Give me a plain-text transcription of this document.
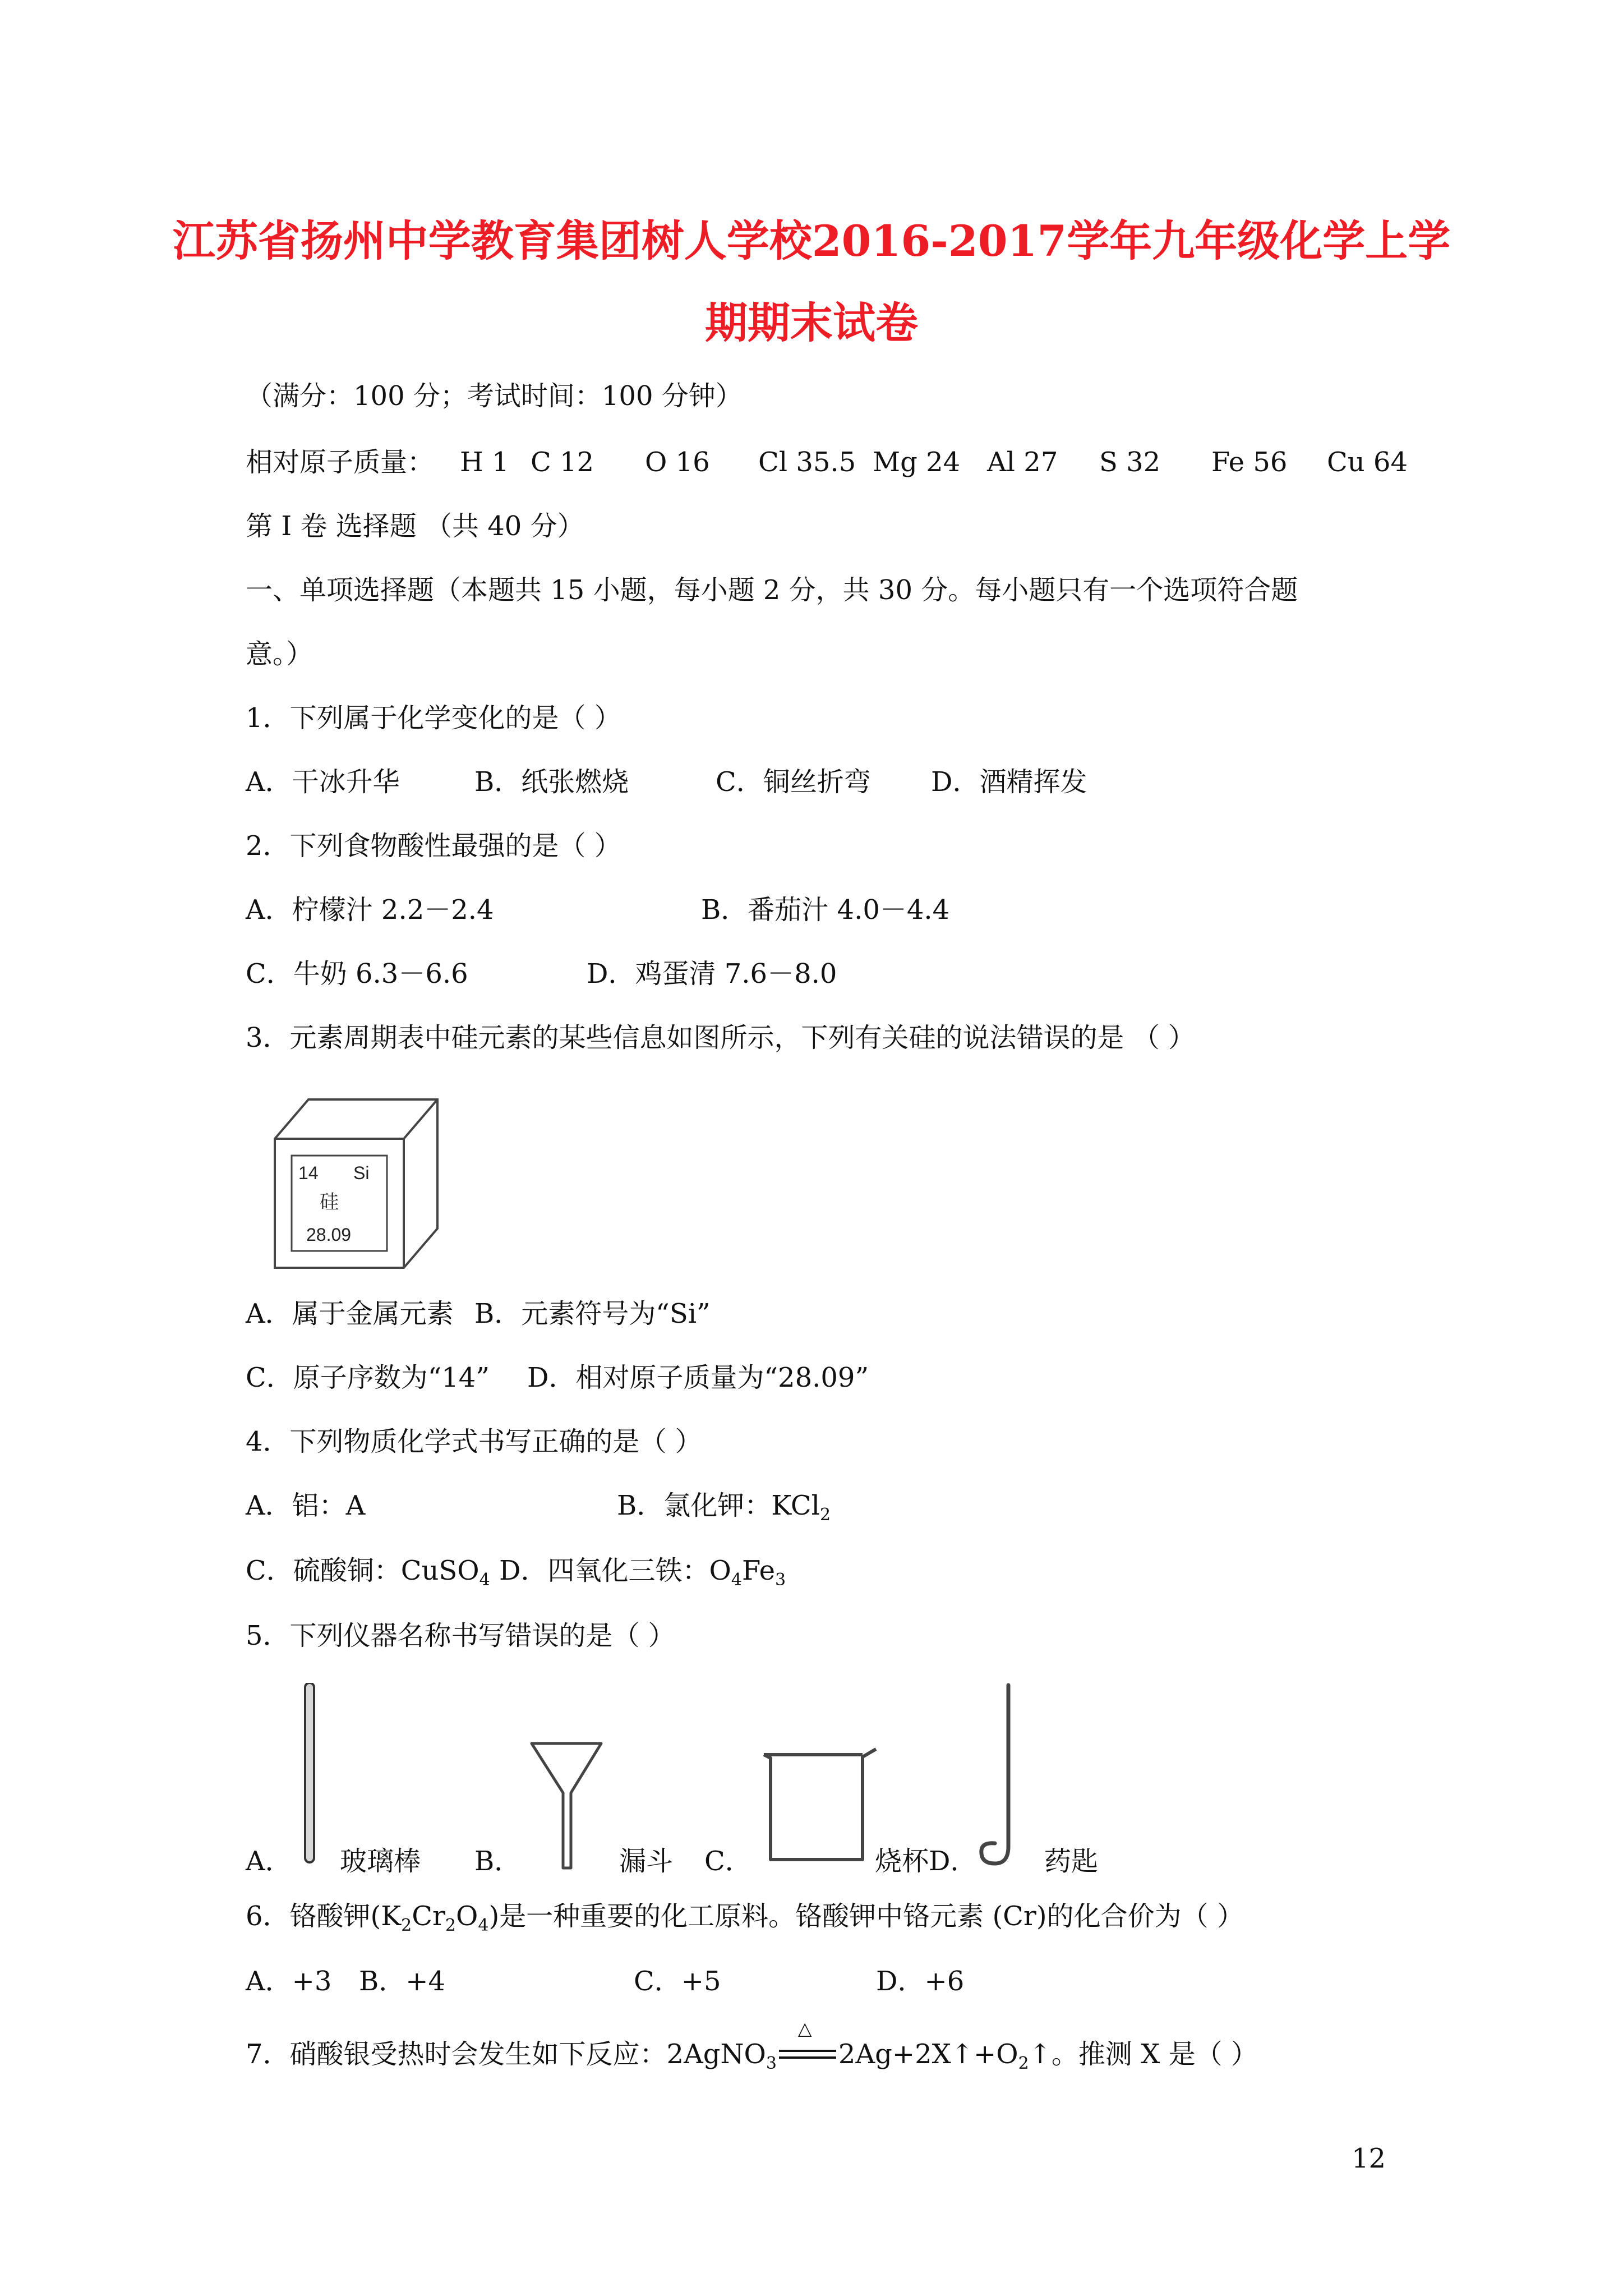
江苏省扬州中学教育集团树人学校2016-2017学年九年级化学上学
期期末试卷

（满分：100 分；考试时间：100 分钟）

相对原子质量： H 1 C 12 O 16 Cl 35.5 Mg 24 Al 27 S 32 Fe 56 Cu 64

第 I 卷 选择题 （共 40 分）

一、单项选择题（本题共 15 小题，每小题 2 分，共 30 分。每小题只有一个选项符合题

意。）

1．下列属于化学变化的是（ ）

A．干冰升华	B．纸张燃烧	C．铜丝折弯 D．酒精挥发

2．下列食物酸性最强的是（ ）

A．柠檬汁 2.2－2.4	B．番茄汁 4.0－4.4
C．牛奶 6.3－6.6	D．鸡蛋清 7.6－8.0

3．元素周期表中硅元素的某些信息如图所示，下列有关硅的说法错误的是 （ ）

14 Si
硅
28.09
A．属于金属元素 B．元素符号为“Si”
C．原子序数为“14” D．相对原子质量为“28.09”

4．下列物质化学式书写正确的是（ ）

A．铝：A	B．氯化钾：KCl$_2$
C．硫酸铜：CuSO$_4$ D．四氧化三铁：$O_4Fe_3$

5．下列仪器名称书写错误的是（ ）

A． 玻璃棒 B．	漏斗 C．	烧杯 D． 药匙

6．铬酸钾$(K_2Cr_2O_4)$是一种重要的化工原料。铬酸钾中铬元素 (Cr)的化合价为（ ）

A．+3 B．+4	C．+5	D．+6
7．硝酸银受热时会发生如下反应：2AgNO$_3$
△
$2Ag+2X↑+O_2↑$。推测 X 是（ ）
12
